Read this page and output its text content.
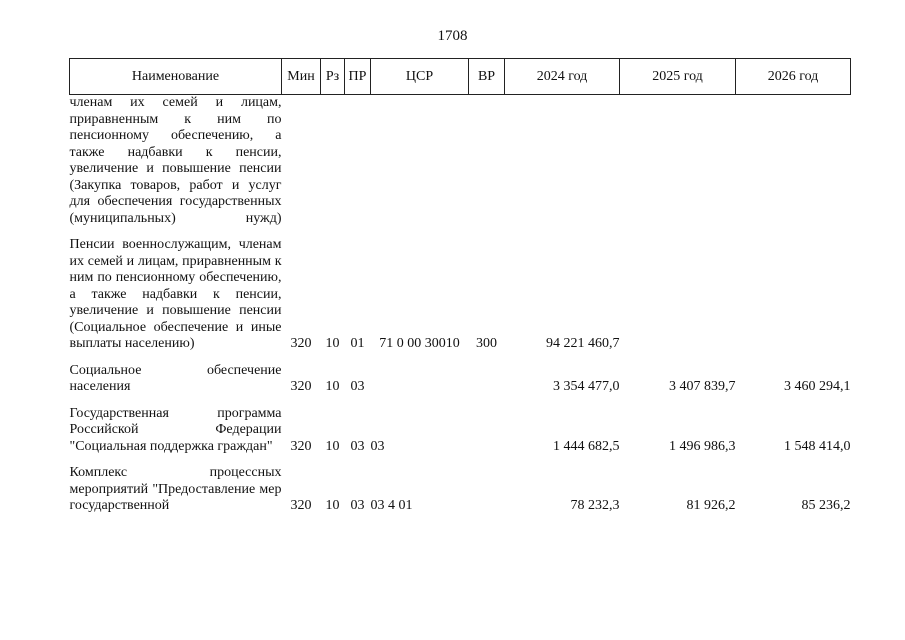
1708
Наименование	Мин	Рз	ПР	ЦСР	ВР	2024 год	2025 год	2026 год

членам их семей и лицам, приравненным к ним по пенсионному обеспечению, а также надбавки к пенсии, увеличение и повышение пенсии (Закупка товаров, работ и услуг для обеспечения государственных (муниципальных) нужд)								

Пенсии военнослужащим, членам их семей и лицам, приравненным к ним по пенсионному обеспечению, а также надбавки к пенсии, увеличение и повышение пенсии (Социальное обеспечение и иные выплаты населению)	320	10	01	71 0 00 30010	300	94 221 460,7		

Социальное обеспечение населения	320	10	03			3 354 477,0	3 407 839,7	3 460 294,1

Государственная программа Российской Федерации "Социальная поддержка граждан"	320	10	03	03		1 444 682,5	1 496 986,3	1 548 414,0

Комплекс процессных мероприятий "Предоставление мер государственной	320	10	03	03 4 01		78 232,3	81 926,2	85 236,2
